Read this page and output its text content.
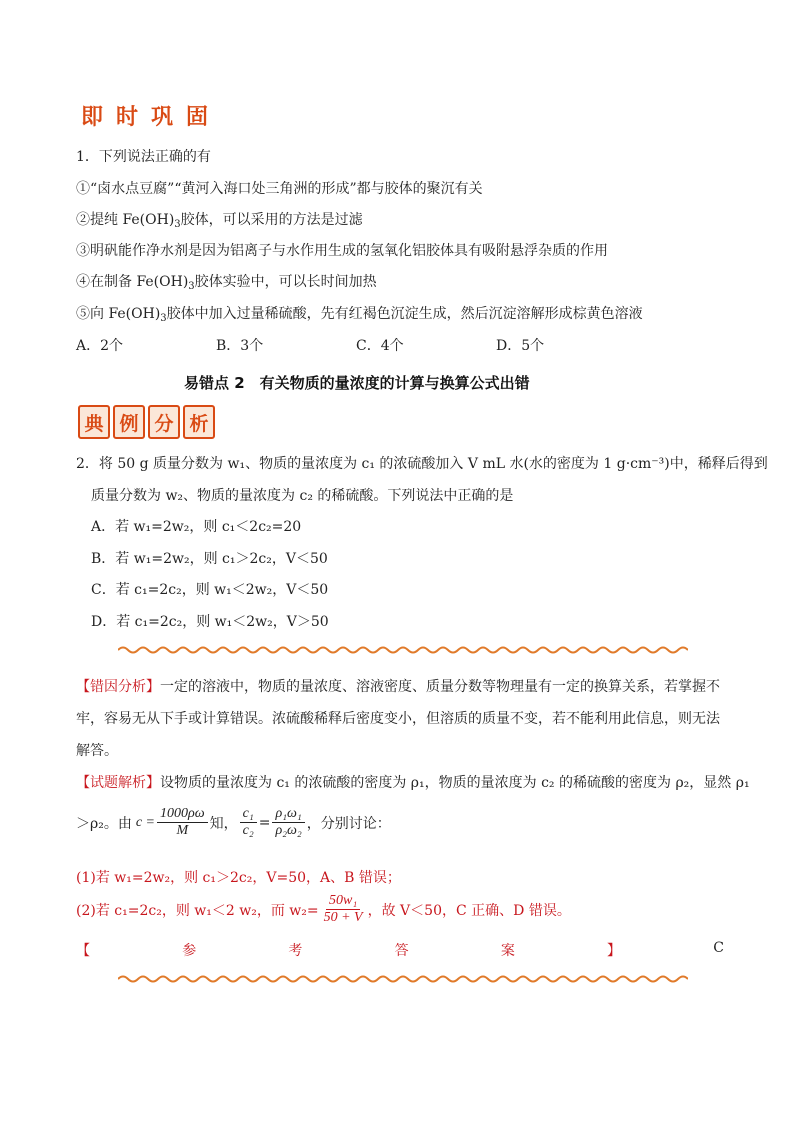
即 时 巩 固
1．下列说法正确的有
①“卤水点豆腐”“黄河入海口处三角洲的形成”都与胶体的聚沉有关
②提纯 $Fe(OH)_3$胶体，可以采用的方法是过滤
③明矾能作净水剂是因为铝离子与水作用生成的氢氧化铝胶体具有吸附悬浮杂质的作用
④在制备 $Fe(OH)_3$胶体实验中，可以长时间加热
⑤向 $Fe(OH)_3$胶体中加入过量稀硫酸，先有红褐色沉淀生成，然后沉淀溶解形成棕黄色溶液
A．2个	B．3个	C．4个	D．5个
易错点 2　有关物质的量浓度的计算与换算公式出错
典 例 分 析
2．将 50 g 质量分数为 w₁、物质的量浓度为 c₁ 的浓硫酸加入 V mL 水(水的密度为 1 g·cm⁻³)中，稀释后得到
质量分数为 w₂、物质的量浓度为 c₂ 的稀硫酸。下列说法中正确的是
A．若 w₁=2w₂，则 c₁＜2c₂=20
B．若 w₁=2w₂，则 c₁＞2c₂，V＜50
C．若 c₁=2c₂，则 w₁＜2w₂，V＜50
D．若 c₁=2c₂，则 w₁＜2w₂，V＞50
【错因分析】一定的溶液中，物质的量浓度、溶液密度、质量分数等物理量有一定的换算关系，若掌握不
牢，容易无从下手或计算错误。浓硫酸稀释后密度变小，但溶质的质量不变，若不能利用此信息，则无法
解答。
【试题解析】设物质的量浓度为 c₁ 的浓硫酸的密度为 ρ₁，物质的量浓度为 c₂ 的稀硫酸的密度为 ρ₂，显然 ρ₁
＞ρ₂。由 $c = \frac{1000\rho\omega}{M}$ 知， $\frac{\text{c₁}}{\text{c₂}} = \frac{\text{ρ₁ω₁}}{\text{ρ₂ω₂}}$ ，分别讨论：
(1)若 w₁=2w₂，则 c₁＞2c₂，V=50，A、B 错误；
(2)若 c₁=2c₂，则 w₁＜2 w₂，而 $w_2= \frac{\text{50w₁}}{50 + V}$ ，故 V＜50，C 正确、D 错误。
【	参	考	答	案	】	C
